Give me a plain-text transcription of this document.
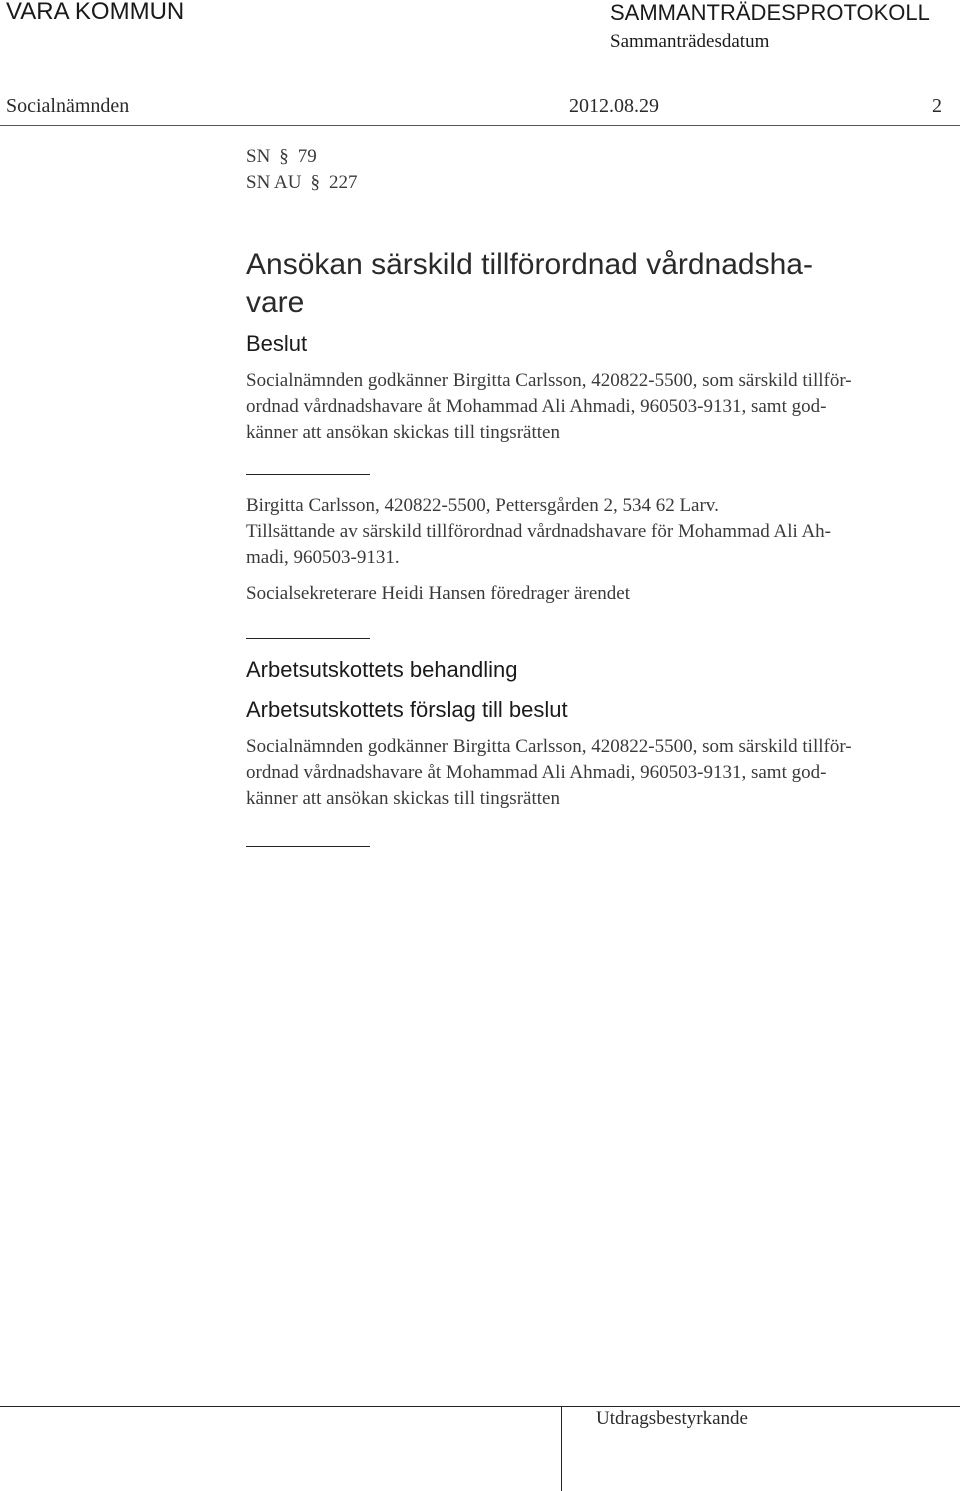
VARA KOMMUN	SAMMANTRÄDESPROTOKOLL
Sammanträdesdatum
Socialnämnden	2012.08.29	2
SN § 79
SN AU § 227
Ansökan särskild tillförordnad vårdnadsha-
vare
Beslut
Socialnämnden godkänner Birgitta Carlsson, 420822-5500, som särskild tillför-
ordnad vårdnadshavare åt Mohammad Ali Ahmadi, 960503-9131, samt god-
känner att ansökan skickas till tingsrätten
Birgitta Carlsson, 420822-5500, Pettersgården 2, 534 62 Larv.
Tillsättande av särskild tillförordnad vårdnadshavare för Mohammad Ali Ah-
madi, 960503-9131.
Socialsekreterare Heidi Hansen föredrager ärendet
Arbetsutskottets behandling
Arbetsutskottets förslag till beslut
Socialnämnden godkänner Birgitta Carlsson, 420822-5500, som särskild tillför-
ordnad vårdnadshavare åt Mohammad Ali Ahmadi, 960503-9131, samt god-
känner att ansökan skickas till tingsrätten
Utdragsbestyrkande
